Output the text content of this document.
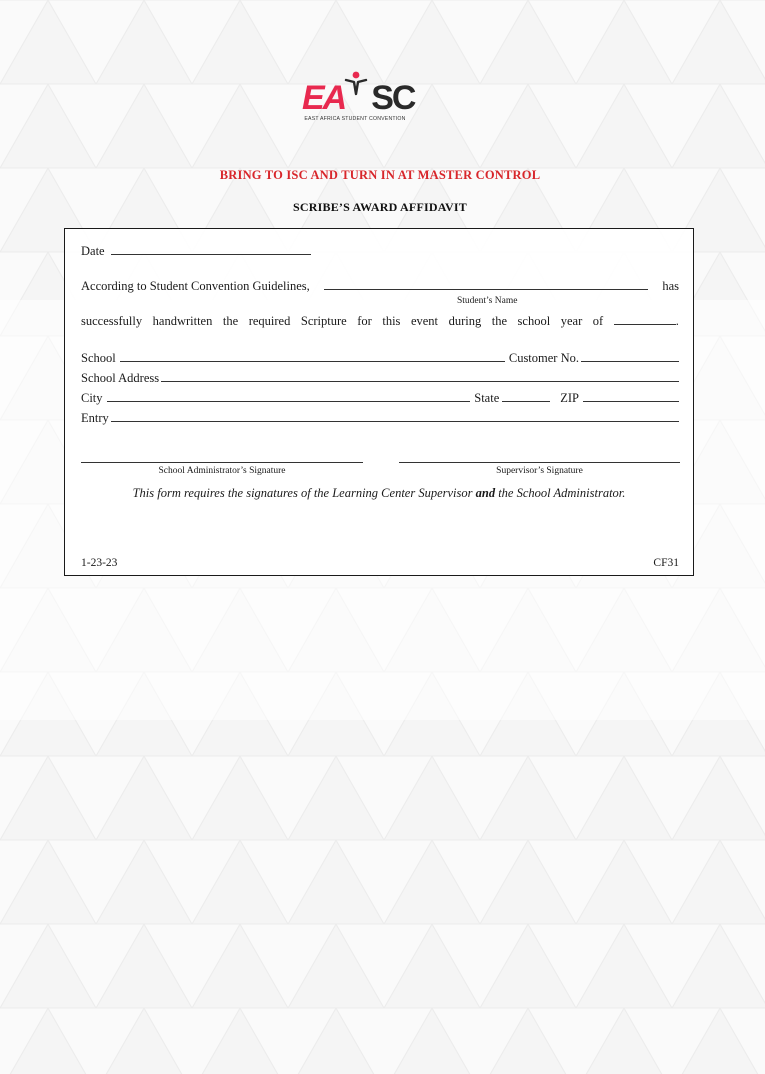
EA SC
EAST AFRICA STUDENT CONVENTION
BRING TO ISC AND TURN IN AT MASTER CONTROL
SCRIBE’S AWARD AFFIDAVIT
Date
According to Student Convention Guidelines,	has
Student’s Name
successfully handwritten the required Scripture for this event during the school year of	.
School	Customer No.
School Address
City	State	ZIP
Entry
School Administrator’s Signature	Supervisor’s Signature
This form requires the signatures of the Learning Center Supervisor and the School Administrator.
1-23-23	CF31
